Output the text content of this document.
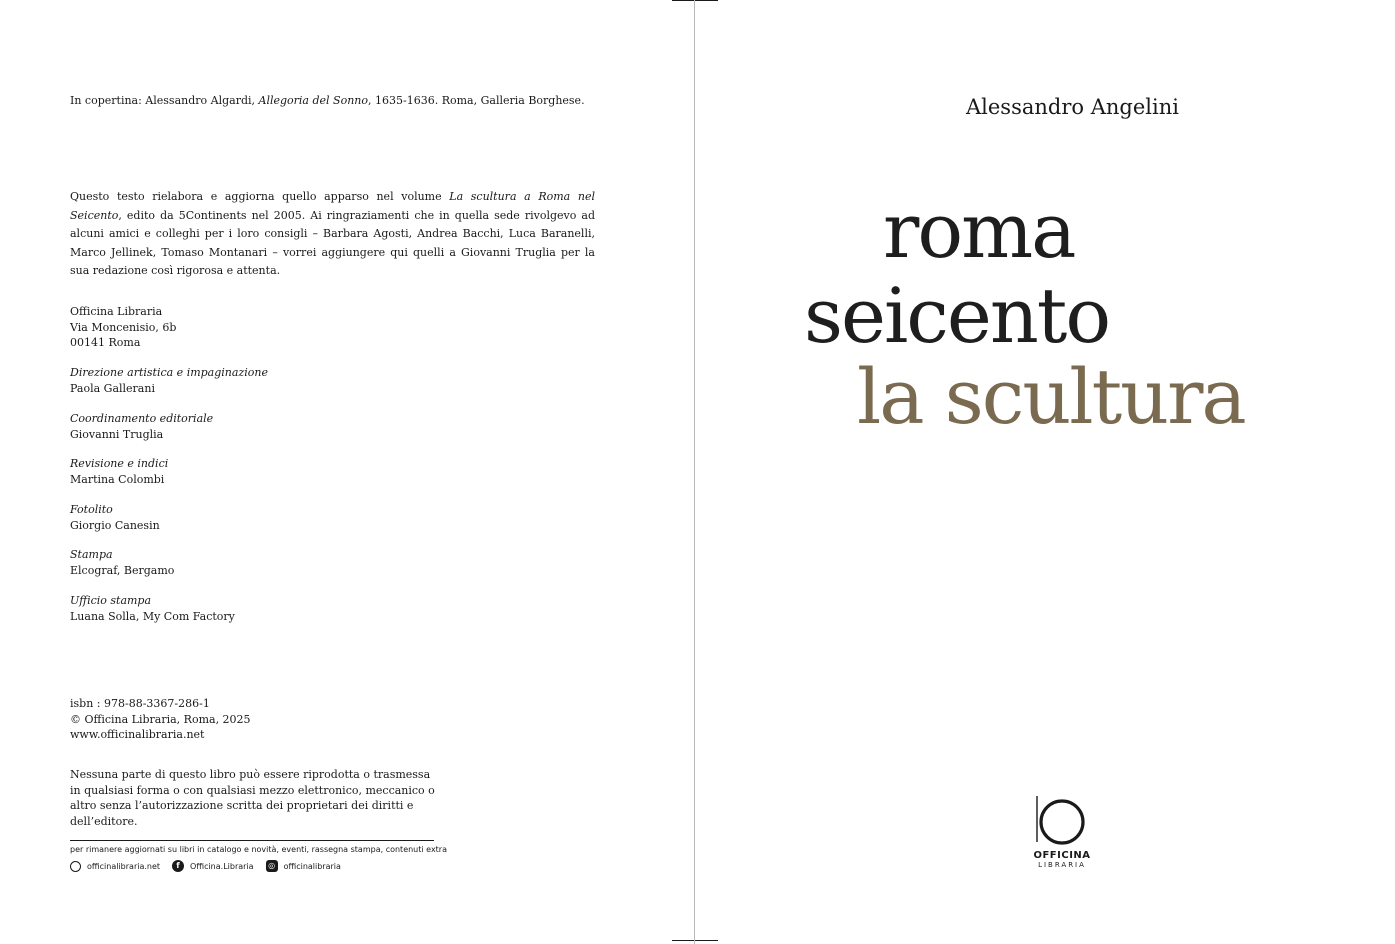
In copertina: Alessandro Algardi, Allegoria del Sonno, 1635-1636. Roma, Galleria Borghese.
Questo testo rielabora e aggiorna quello apparso nel volume La scultura a Roma nel Seicento, edito da 5Continents nel 2005. Ai ringraziamenti che in quella sede rivolgevo ad alcuni amici e colleghi per i loro consigli – Barbara Agosti, Andrea Bacchi, Luca Baranelli, Marco Jellinek, Tomaso Montanari – vorrei aggiungere qui quelli a Giovanni Truglia per la sua redazione così rigorosa e attenta.
Officina Libraria
Via Moncenisio, 6b
00141 Roma
Direzione artistica e impaginazione
Paola Gallerani
Coordinamento editoriale
Giovanni Truglia
Revisione e indici
Martina Colombi
Fotolito
Giorgio Canesin
Stampa
Elcograf, Bergamo
Ufficio stampa
Luana Solla, My Com Factory
isbn : 978-88-3367-286-1
© Officina Libraria, Roma, 2025
www.officinalibraria.net
Nessuna parte di questo libro può essere riprodotta o trasmessa in qualsiasi forma o con qualsiasi mezzo elettronico, meccanico o altro senza l’autorizzazione scritta dei proprietari dei diritti e dell’editore.
per rimanere aggiornati su libri in catalogo e novità, eventi, rassegna stampa, contenuti extra
officinalibraria.net	f	Officina.Libraria	◎	officinalibraria
Alessandro Angelini
roma
seicento
la scultura
OFFICINA
LIBRARIA
